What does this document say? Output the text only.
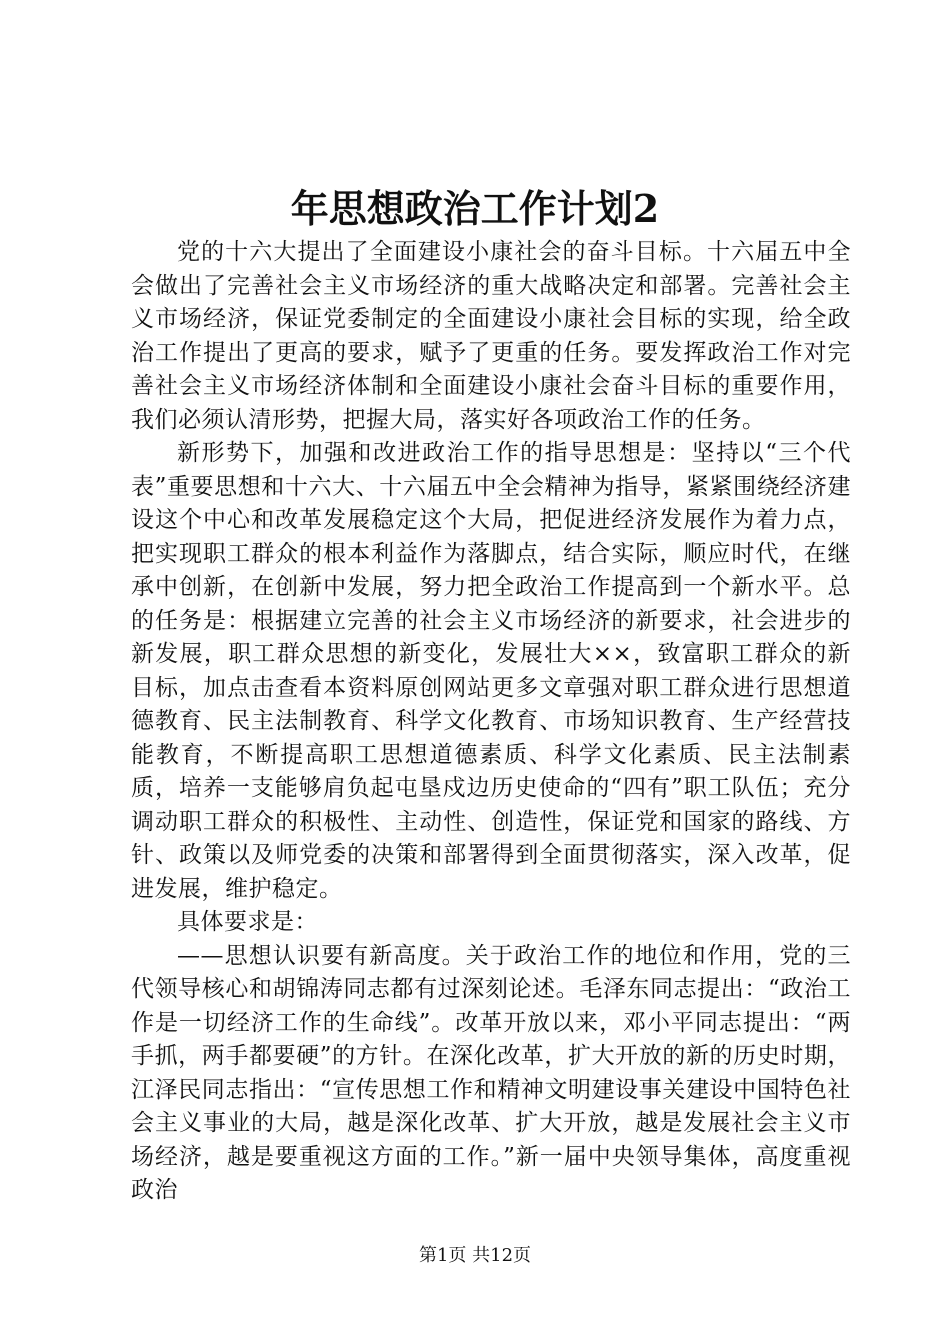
年思想政治工作计划2

党的十六大提出了全面建设小康社会的奋斗目标。十六届五中全会做出了完善社会主义市场经济的重大战略决定和部署。完善社会主义市场经济，保证党委制定的全面建设小康社会目标的实现，给全政治工作提出了更高的要求，赋予了更重的任务。要发挥政治工作对完善社会主义市场经济体制和全面建设小康社会奋斗目标的重要作用，我们必须认清形势，把握大局，落实好各项政治工作的任务。

新形势下，加强和改进政治工作的指导思想是：坚持以“三个代表”重要思想和十六大、十六届五中全会精神为指导，紧紧围绕经济建设这个中心和改革发展稳定这个大局，把促进经济发展作为着力点，把实现职工群众的根本利益作为落脚点，结合实际，顺应时代，在继承中创新，在创新中发展，努力把全政治工作提高到一个新水平。总的任务是：根据建立完善的社会主义市场经济的新要求，社会进步的新发展，职工群众思想的新变化，发展壮大××，致富职工群众的新目标，加点击查看本资料原创网站更多文章强对职工群众进行思想道德教育、民主法制教育、科学文化教育、市场知识教育、生产经营技能教育，不断提高职工思想道德素质、科学文化素质、民主法制素质，培养一支能够肩负起屯垦戍边历史使命的“四有”职工队伍；充分调动职工群众的积极性、主动性、创造性，保证党和国家的路线、方针、政策以及师党委的决策和部署得到全面贯彻落实，深入改革，促进发展，维护稳定。

具体要求是：

——思想认识要有新高度。关于政治工作的地位和作用，党的三代领导核心和胡锦涛同志都有过深刻论述。毛泽东同志提出：“政治工作是一切经济工作的生命线”。改革开放以来，邓小平同志提出：“两手抓，两手都要硬”的方针。在深化改革，扩大开放的新的历史时期，江泽民同志指出：“宣传思想工作和精神文明建设事关建设中国特色社会主义事业的大局，越是深化改革、扩大开放，越是发展社会主义市场经济，越是要重视这方面的工作。”新一届中央领导集体，高度重视政治

第1页 共12页
